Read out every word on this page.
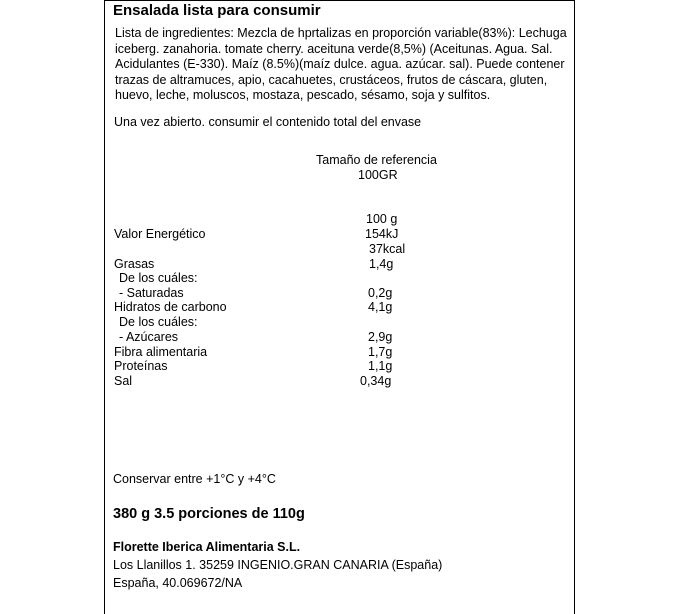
Ensalada lista para consumir
Lista de ingredientes: Mezcla de hprtalizas en proporción variable(83%): Lechuga iceberg. zanahoria. tomate cherry. aceituna verde(8,5%) (Aceitunas. Agua. Sal. Acidulantes (E-330). Maíz (8.5%)(maíz dulce. agua. azúcar. sal). Puede contener trazas de altramuces, apio, cacahuetes, crustáceos, frutos de cáscara, gluten, huevo, leche, moluscos, mostaza, pescado, sésamo, soja y sulfitos.
Una vez abierto. consumir el contenido total del envase
Tamaño de referencia
100GR
100 g
Valor Energético	154kJ
37kcal
Grasas	1,4g
De los cuáles:
- Saturadas	0,2g
Hidratos de carbono	4,1g
De los cuáles:
- Azúcares	2,9g
Fibra alimentaria	1,7g
Proteínas	1,1g
Sal	0,34g
Conservar entre +1°C y +4°C
380 g 3.5 porciones de 110g
Florette Iberica Alimentaria S.L.
Los Llanillos 1. 35259 INGENIO.GRAN CANARIA (España)
España, 40.069672/NA
